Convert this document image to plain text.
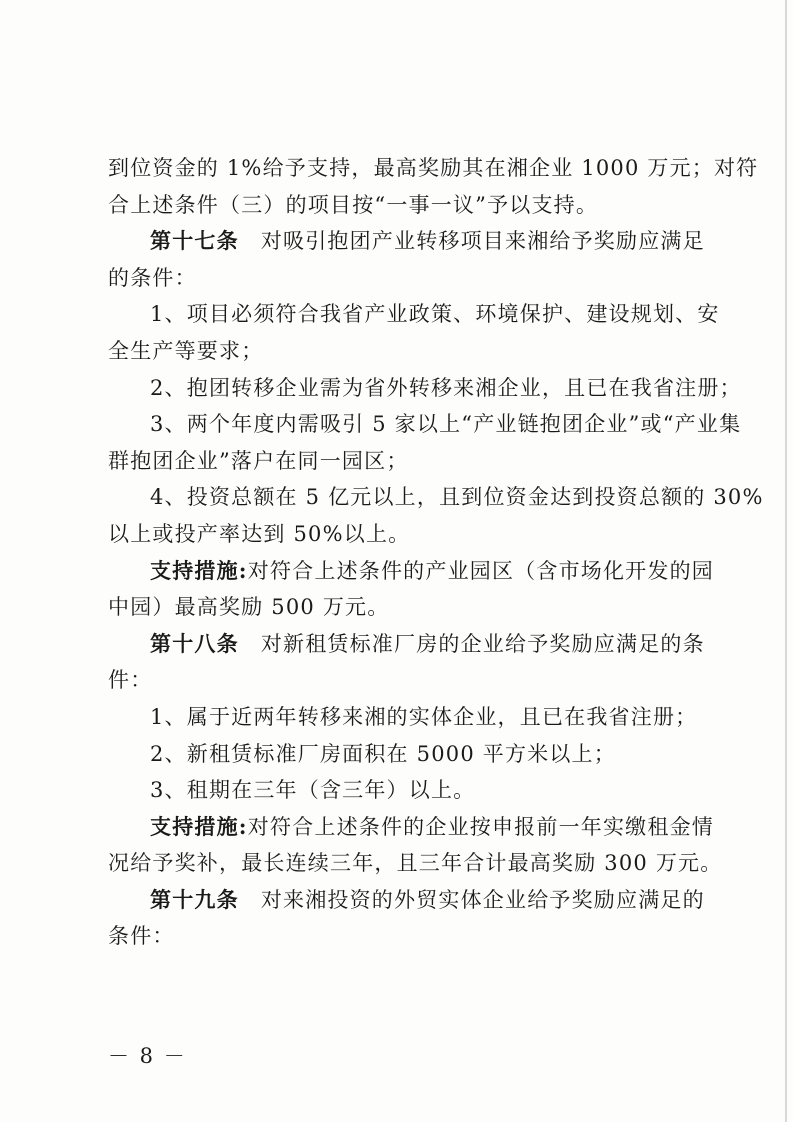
到位资金的 1%给予支持，最高奖励其在湘企业 1000 万元；对符
合上述条件（三）的项目按“一事一议”予以支持。
第十七条 对吸引抱团产业转移项目来湘给予奖励应满足
的条件：
1、项目必须符合我省产业政策、环境保护、建设规划、安
全生产等要求；
2、抱团转移企业需为省外转移来湘企业，且已在我省注册；
3、两个年度内需吸引 5 家以上“产业链抱团企业”或“产业集
群抱团企业”落户在同一园区；
4、投资总额在 5 亿元以上，且到位资金达到投资总额的 30%
以上或投产率达到 50%以上。
支持措施:对符合上述条件的产业园区（含市场化开发的园
中园）最高奖励 500 万元。
第十八条 对新租赁标准厂房的企业给予奖励应满足的条
件：
1、属于近两年转移来湘的实体企业，且已在我省注册；
2、新租赁标准厂房面积在 5000 平方米以上；
3、租期在三年（含三年）以上。
支持措施:对符合上述条件的企业按申报前一年实缴租金情
况给予奖补，最长连续三年，且三年合计最高奖励 300 万元。
第十九条 对来湘投资的外贸实体企业给予奖励应满足的
条件：
－ 8 －
